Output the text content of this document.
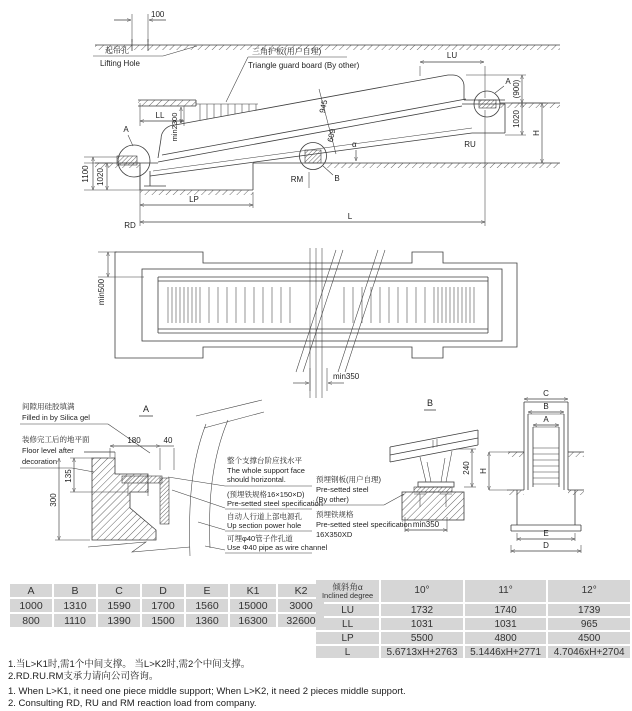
100
起吊孔
Lifting Hole
三角护板(用户自理)
Triangle guard board (By other)
RM	B
α
945
609
A
A
RU
LL min2300
LU
(900)
1020
H
1100 1020
LP
L
RD
min500
min350
A
间隙用硅胶填满
Filled in by Silica gel
装修完工后的地平面
Floor level after
decoration
180	40
135
300
整个支撑台阶应找水平
The whole support face
should horizontal.
(预埋铁规格16×150×D)
Pre-setted steel specification
自动人行道上部电源孔
Up section power hole
可埋φ40管子作孔道
Use Φ40 pipe as wire channel
B
240
min350
预埋钢板(用户自理)
Pre-setted steel
(By other)
预埋铁规格
Pre-setted steel specification
16X350XD
C
B
A
H
E
D
A	B	C	D	E	K1	K2
1000	1310	1590	1700	1560	15000	3000
800	1110	1390	1500	1360	16300	32600
倾斜角α
Inclined degree	10°	11°	12°
LU	1732	1740	1739
LL	1031	1031	965
LP	5500	4800	4500
L	5.6713xH+2763	5.1446xH+2771	4.7046xH+2704
1.当L>K1时,需1个中间支撑。 当L>K2时,需2个中间支撑。
2.RD.RU.RM支承力请向公司咨询。
1. When L>K1, it need one piece middle support; When L>K2, it need 2 pieces middle support.
2. Consulting RD, RU and RM reaction load from company.
